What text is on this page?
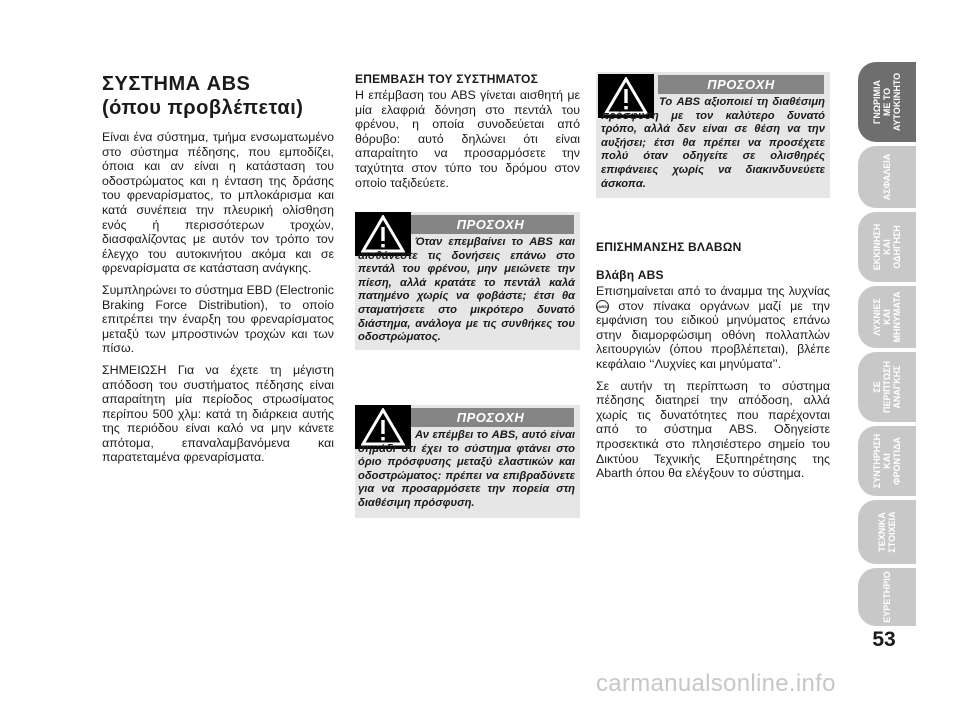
ΣΥΣΤΗΜΑ ABS
(όπου προβλέπεται)

Είναι ένα σύστημα, τμήμα ενσωματωμένο στο σύστημα πέδησης, που εμποδίζει, όποια και αν είναι η κατάσταση του οδοστρώματος και η ένταση της δράσης του φρεναρίσματος, το μπλοκάρισμα και κατά συνέπεια την πλευρική ολίσθηση ενός ή περισσότερων τροχών, διασφαλίζοντας με αυτόν τον τρόπο τον έλεγχο του αυτοκινήτου ακόμα και σε φρεναρίσματα σε κατάσταση ανάγκης.

Συμπληρώνει το σύστημα EBD (Electronic Braking Force Distribution), το οποίο επιτρέπει την έναρξη του φρεναρίσματος μεταξύ των μπροστινών τροχών και των πίσω.

ΣΗΜΕΙΩΣΗ Για να έχετε τη μέγιστη απόδοση του συστήματος πέδησης είναι απαραίτητη μία περίοδος στρωσίματος περίπου 500 χλμ: κατά τη διάρκεια αυτής της περιόδου είναι καλό να μην κάνετε απότομα, επαναλαμβανόμενα και παρατεταμένα φρεναρίσματα.

ΕΠΕΜΒΑΣΗ ΤΟΥ ΣΥΣΤΗΜΑΤΟΣ

Η επέμβαση του ABS γίνεται αισθητή με μία ελαφριά δόνηση στο πεντάλ του φρένου, η οποία συνοδεύεται από θόρυβο: αυτό δηλώνει ότι είναι απαραίτητο να προσαρμόσετε την ταχύτητα στον τύπο του δρόμου στον οποίο ταξιδεύετε.

ΠΡΟΣΟΧΗ
Όταν επεμβαίνει το ABS και αισθάνεστε τις δονήσεις επάνω στο πεντάλ του φρένου, μην μειώνετε την πίεση, αλλά κρατάτε το πεντάλ καλά πατημένο χωρίς να φοβάστε; έτσι θα σταματήσετε στο μικρότερο δυνατό διάστημα, ανάλογα με τις συνθήκες του οδοστρώματος.
ΠΡΟΣΟΧΗ
Αν επέμβει το ABS, αυτό είναι σημάδι ότι έχει το σύστημα φτάνει στο όριο πρόσφυσης μεταξύ ελαστικών και οδοστρώματος: πρέπει να επιβραδύνετε για να προσαρμόσετε την πορεία στη διαθέσιμη πρόσφυση.
ΠΡΟΣΟΧΗ
Το ABS αξιοποιεί τη διαθέσιμη πρόσφυση με τον καλύτερο δυνατό τρόπο, αλλά δεν είναι σε θέση να την αυξήσει; έτσι θα πρέπει να προσέχετε πολύ όταν οδηγείτε σε ολισθηρές επιφάνειες χωρίς να διακινδυνεύετε άσκοπα.
ΕΠΙΣΗΜΑΝΣΗΣ ΒΛΑΒΩΝ
Βλάβη ABS

Επισημαίνεται από το άναμμα της λυχνίας (ABS) στον πίνακα οργάνων μαζί με την εμφάνιση του ειδικού μηνύματος επάνω στην διαμορφώσιμη οθόνη πολλαπλών λειτουργιών (όπου προβλέπεται), βλέπε κεφάλαιο ‘‘Λυχνίες και μηνύματα’’.

Σε αυτήν τη περίπτωση το σύστημα πέδησης διατηρεί την απόδοση, αλλά χωρίς τις δυνατότητες που παρέχονται από το σύστημα ABS. Οδηγείστε προσεκτικά στο πλησιέστερο σημείο του Δικτύου Τεχνικής Εξυπηρέτησης της Abarth όπου θα ελέγξουν το σύστημα.

ΓΝΩΡΙΜΙΑ
ΜΕ ΤΟ
ΑΥΤΟΚΙΝΗΤΟ
ΑΣΦΑΛΕΙΑ
ΕΚΚΙΝΗΣΗ
ΚΑΙ
ΟΔΗΓΗΣΗ
ΛΥΧΝΙΕΣ
ΚΑΙ
ΜΗΝΥΜΑΤΑ
ΣΕ
ΠΕΡΙΠΤΩΣΗ
ΑΝΑΓΚΗΣ
ΣΥΝΤΗΡΗΣΗ
ΚΑΙ
ΦΡΟΝΤΙΔΑ
ΤΕΧΝΙΚΑ
ΣΤΟΙΧΕΙΑ
ΕΥΡΕΤΗΡΙΟ
53
carmanualsonline.info
